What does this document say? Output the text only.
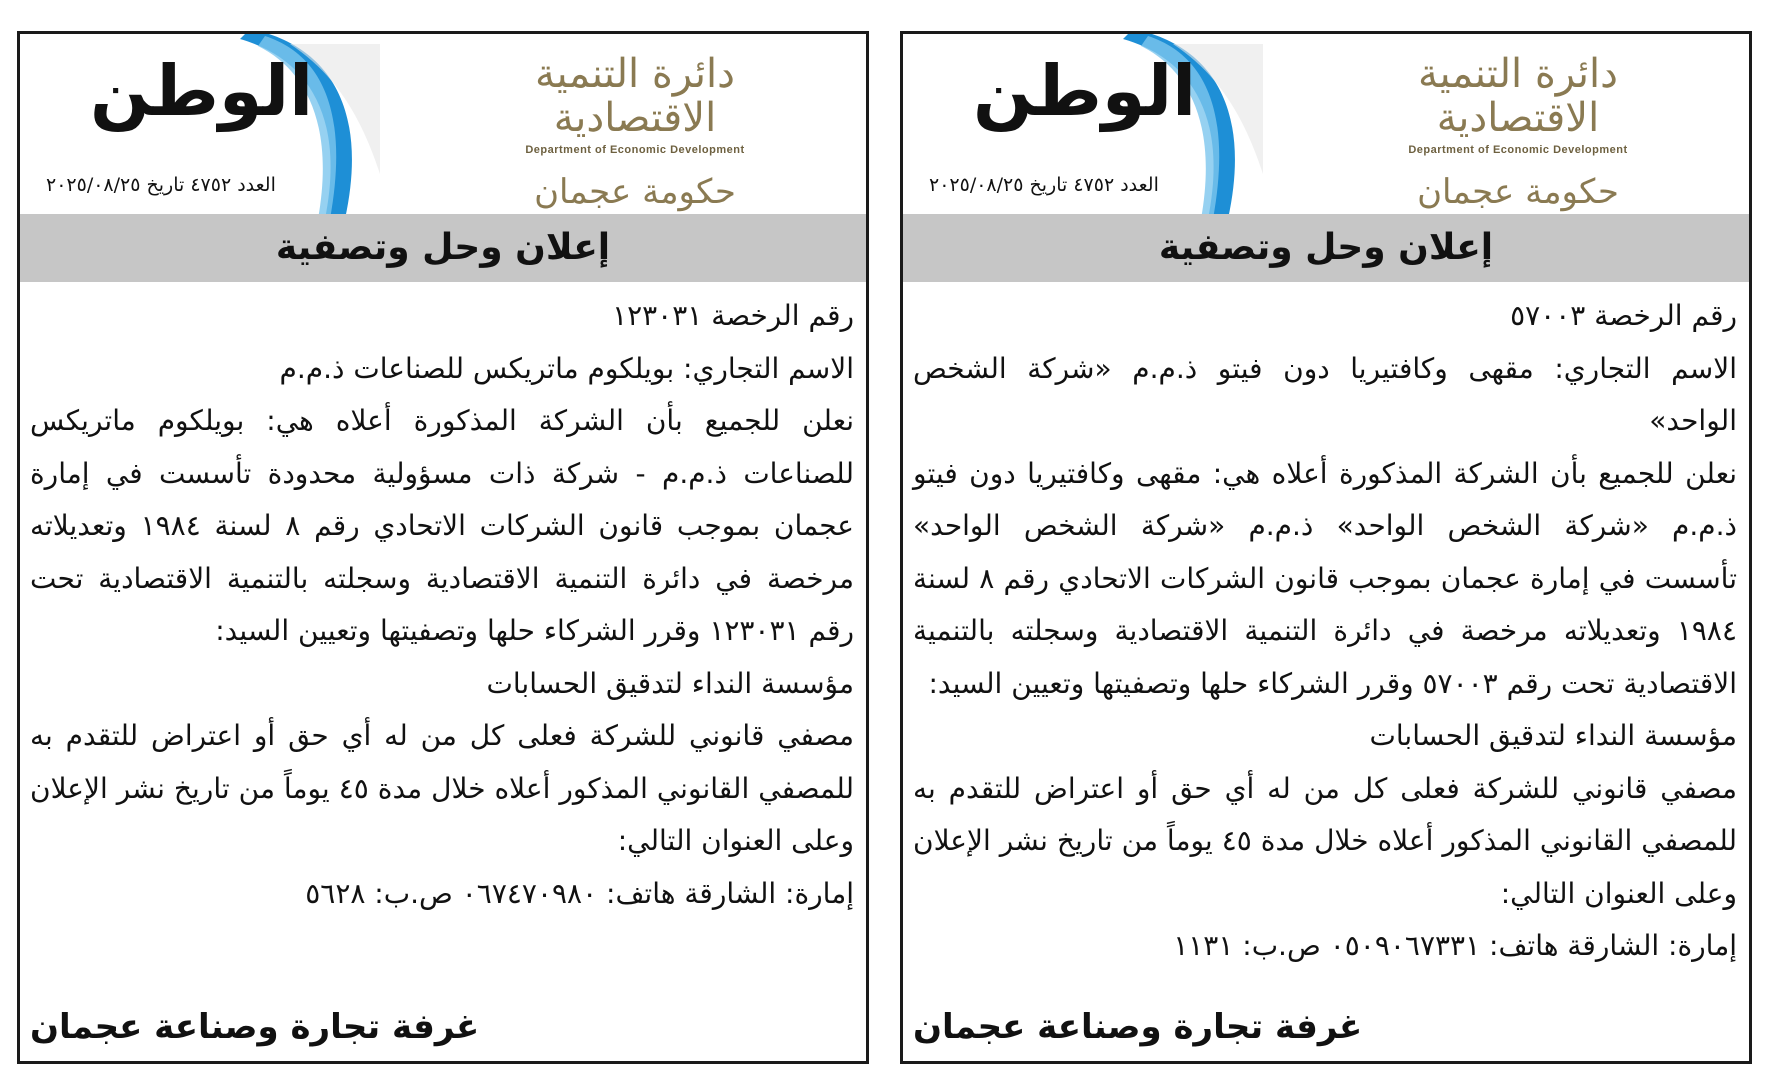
الوطن
العدد ٤٧٥٢ تاريخ ٢٠٢٥/٠٨/٢٥
دائرة التنمية الاقتصادية
Department of Economic Development
حكومة عجمان
إعلان وحل وتصفية

رقم الرخصة ١٢٣٠٣١

الاسم التجاري: بويلكوم ماتريكس للصناعات ذ.م.م

نعلن للجميع بأن الشركة المذكورة أعلاه هي: بويلكوم ماتريكس للصناعات ذ.م.م - شركة ذات مسؤولية محدودة تأسست في إمارة عجمان بموجب قانون الشركات الاتحادي رقم ٨ لسنة ١٩٨٤ وتعديلاته مرخصة في دائرة التنمية الاقتصادية وسجلته بالتنمية الاقتصادية تحت رقم ١٢٣٠٣١ وقرر الشركاء حلها وتصفيتها وتعيين السيد:

مؤسسة النداء لتدقيق الحسابات

مصفي قانوني للشركة فعلى كل من له أي حق أو اعتراض للتقدم به للمصفي القانوني المذكور أعلاه خلال مدة ٤٥ يوماً من تاريخ نشر الإعلان وعلى العنوان التالي:

إمارة: الشارقة هاتف: ٠٦٧٤٧٠٩٨٠ ص.ب: ٥٦٢٨

غرفة تجارة وصناعة عجمان
الوطن
العدد ٤٧٥٢ تاريخ ٢٠٢٥/٠٨/٢٥
دائرة التنمية الاقتصادية
Department of Economic Development
حكومة عجمان
إعلان وحل وتصفية

رقم الرخصة ٥٧٠٠٣

الاسم التجاري: مقهى وكافتيريا دون فيتو ذ.م.م «شركة الشخص الواحد»

نعلن للجميع بأن الشركة المذكورة أعلاه هي: مقهى وكافتيريا دون فيتو ذ.م.م «شركة الشخص الواحد» ذ.م.م «شركة الشخص الواحد» تأسست في إمارة عجمان بموجب قانون الشركات الاتحادي رقم ٨ لسنة ١٩٨٤ وتعديلاته مرخصة في دائرة التنمية الاقتصادية وسجلته بالتنمية الاقتصادية تحت رقم ٥٧٠٠٣ وقرر الشركاء حلها وتصفيتها وتعيين السيد:

مؤسسة النداء لتدقيق الحسابات

مصفي قانوني للشركة فعلى كل من له أي حق أو اعتراض للتقدم به للمصفي القانوني المذكور أعلاه خلال مدة ٤٥ يوماً من تاريخ نشر الإعلان وعلى العنوان التالي:

إمارة: الشارقة هاتف: ٠٥٠٩٠٦٧٣٣١ ص.ب: ١١٣١

غرفة تجارة وصناعة عجمان
